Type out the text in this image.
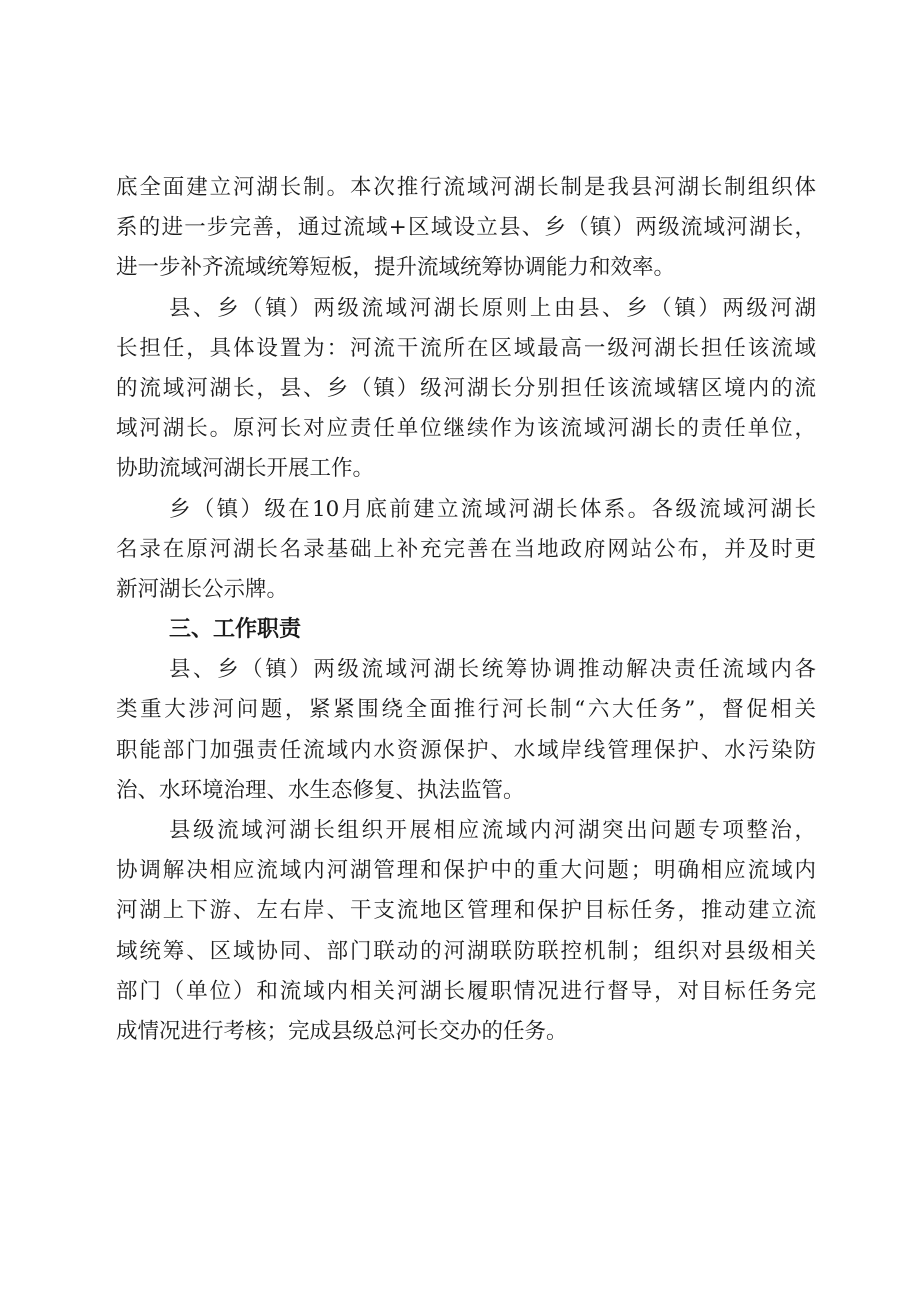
底全面建立河湖长制。本次推行流域河湖长制是我县河湖长制组织体
系的进一步完善，通过流域+区域设立县、乡（镇）两级流域河湖长，
进一步补齐流域统筹短板，提升流域统筹协调能力和效率。
县、乡（镇）两级流域河湖长原则上由县、乡（镇）两级河湖
长担任，具体设置为：河流干流所在区域最高一级河湖长担任该流域
的流域河湖长，县、乡（镇）级河湖长分别担任该流域辖区境内的流
域河湖长。原河长对应责任单位继续作为该流域河湖长的责任单位，
协助流域河湖长开展工作。
乡（镇）级在10月底前建立流域河湖长体系。各级流域河湖长
名录在原河湖长名录基础上补充完善在当地政府网站公布，并及时更
新河湖长公示牌。
三、工作职责
县、乡（镇）两级流域河湖长统筹协调推动解决责任流域内各
类重大涉河问题，紧紧围绕全面推行河长制“六大任务”，督促相关
职能部门加强责任流域内水资源保护、水域岸线管理保护、水污染防
治、水环境治理、水生态修复、执法监管。
县级流域河湖长组织开展相应流域内河湖突出问题专项整治，
协调解决相应流域内河湖管理和保护中的重大问题；明确相应流域内
河湖上下游、左右岸、干支流地区管理和保护目标任务，推动建立流
域统筹、区域协同、部门联动的河湖联防联控机制；组织对县级相关
部门（单位）和流域内相关河湖长履职情况进行督导，对目标任务完
成情况进行考核；完成县级总河长交办的任务。
